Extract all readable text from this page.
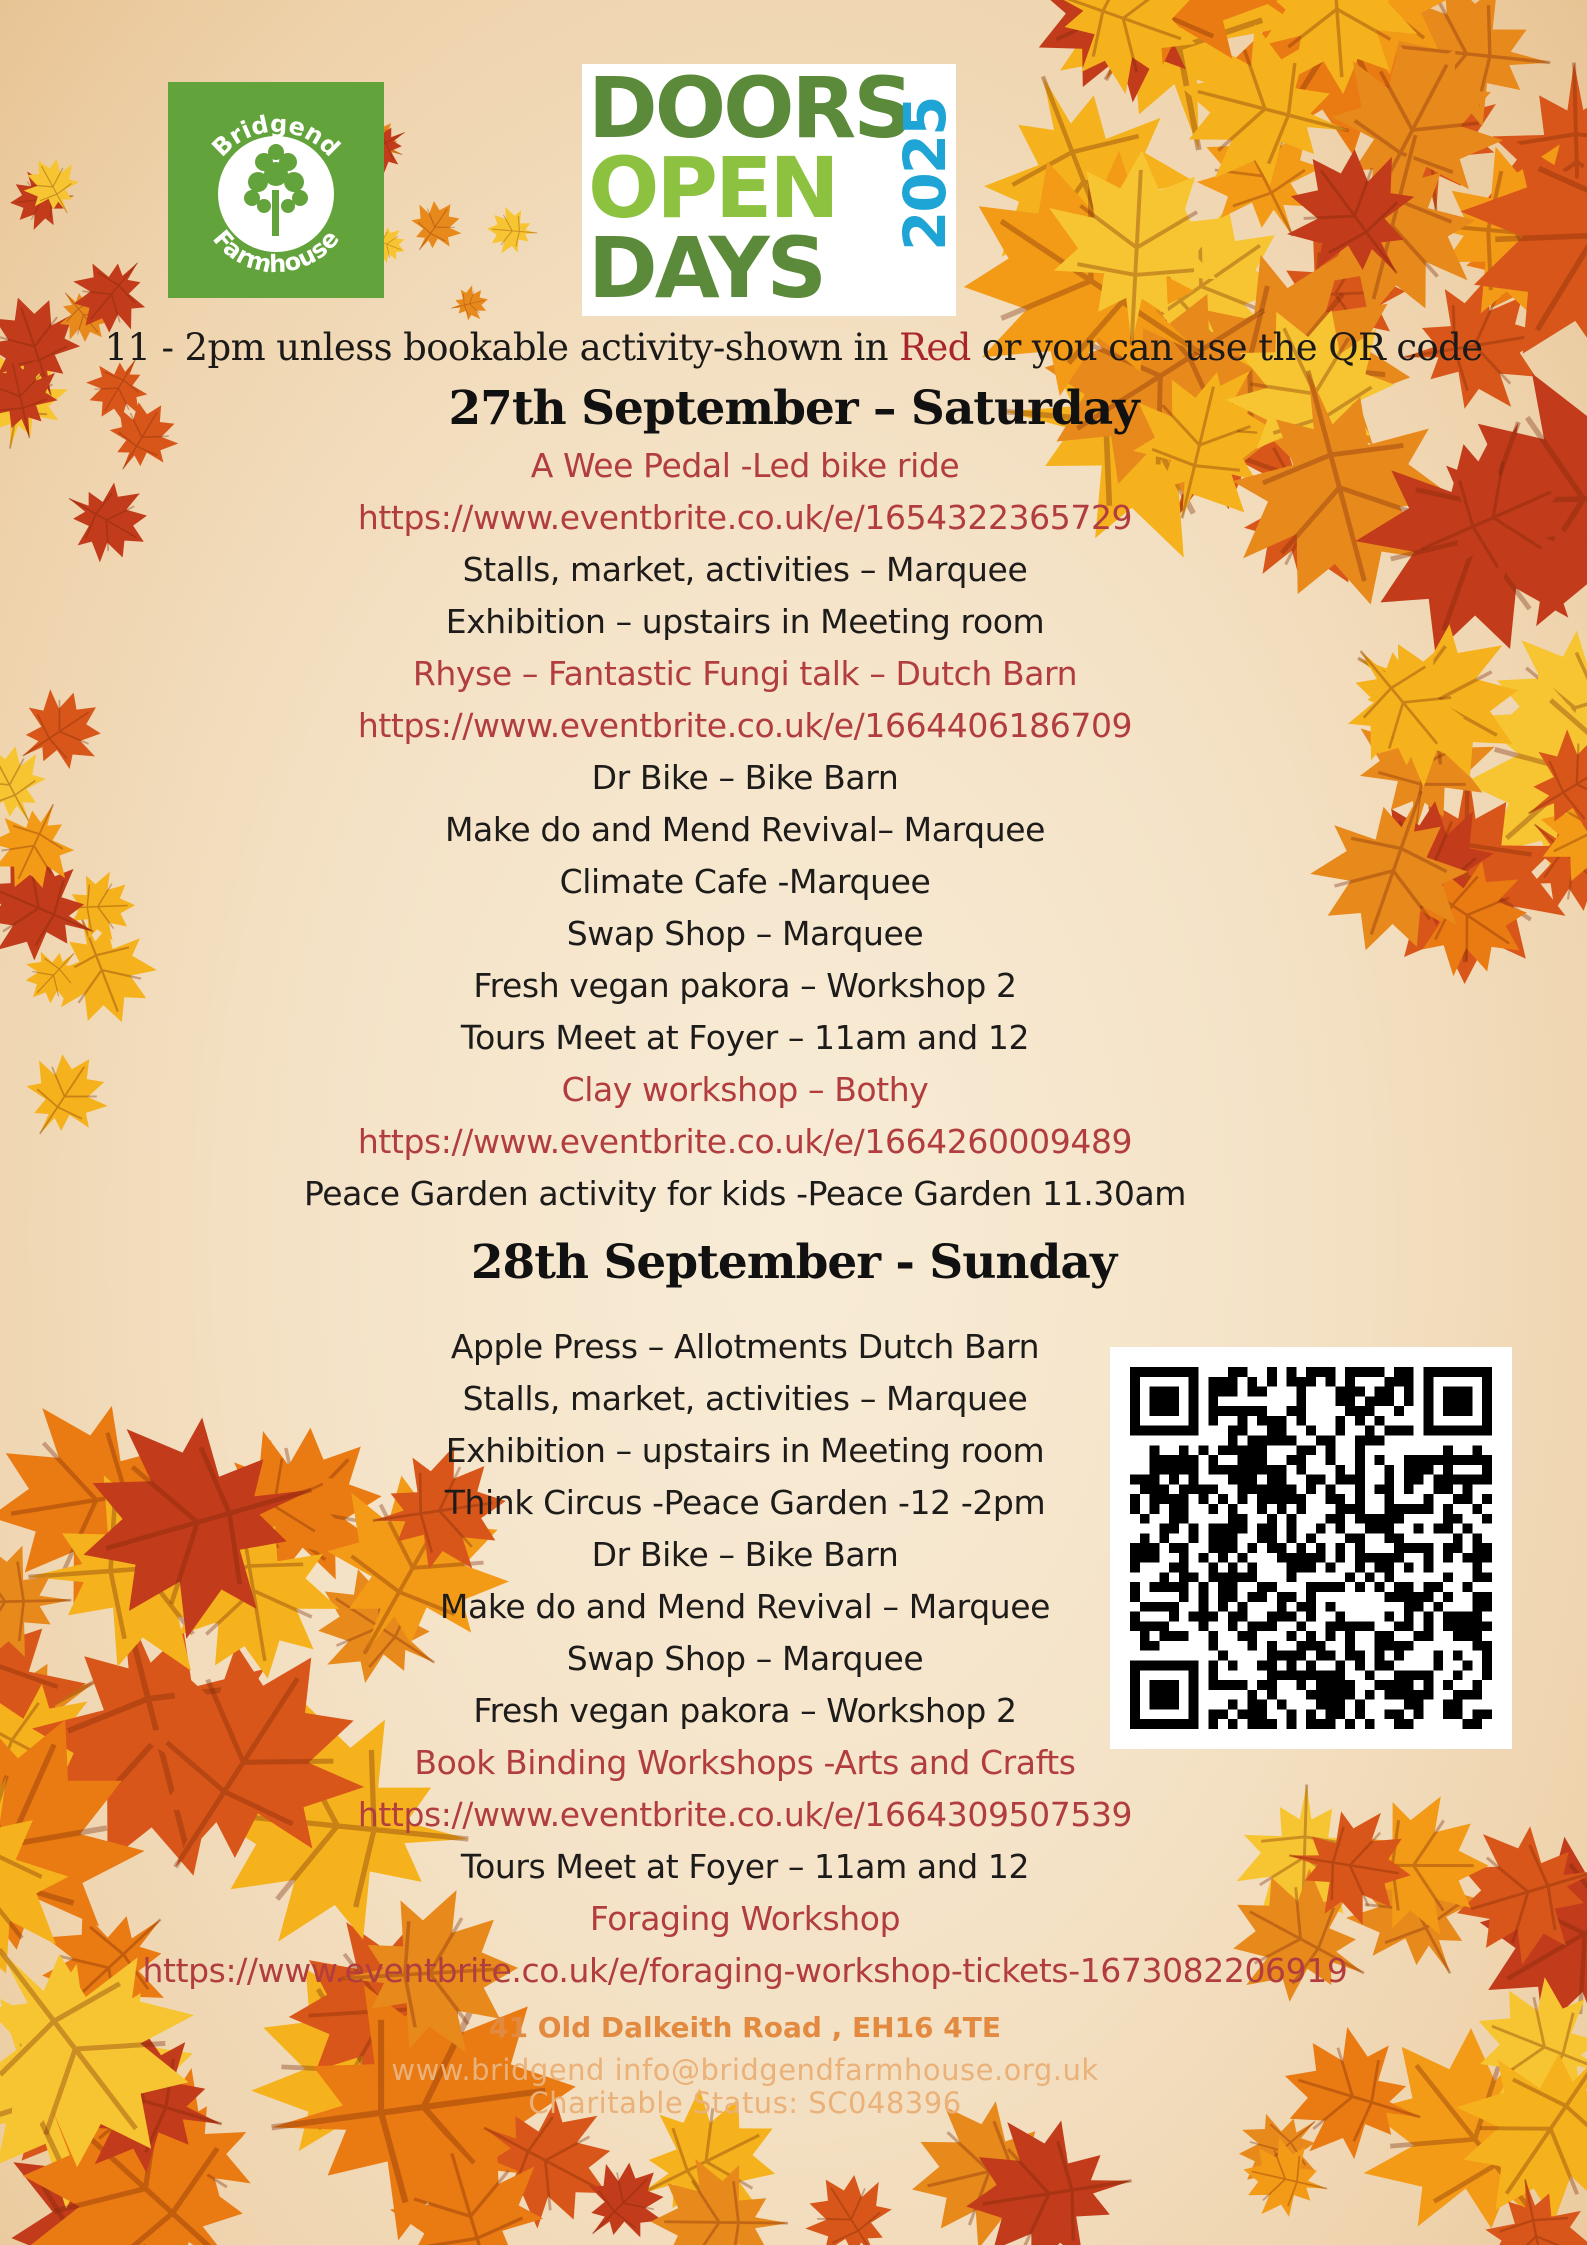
Bridgend
Farmhouse
DOORS
OPEN
DAYS
2025
11 - 2pm unless bookable activity-shown in Red or you can use the QR code
27th September – Saturday
A Wee Pedal -Led bike ride
https://www.eventbrite.co.uk/e/1654322365729
Stalls, market, activities – Marquee
Exhibition – upstairs in Meeting room
Rhyse – Fantastic Fungi talk – Dutch Barn
https://www.eventbrite.co.uk/e/1664406186709
Dr Bike – Bike Barn
Make do and Mend Revival– Marquee
Climate Cafe -Marquee
Swap Shop – Marquee
Fresh vegan pakora – Workshop 2
Tours Meet at Foyer – 11am and 12
Clay workshop – Bothy
https://www.eventbrite.co.uk/e/1664260009489
Peace Garden activity for kids -Peace Garden 11.30am
28th September - Sunday
Apple Press – Allotments Dutch Barn
Stalls, market, activities – Marquee
Exhibition – upstairs in Meeting room
Think Circus -Peace Garden -12 -2pm
Dr Bike – Bike Barn
Make do and Mend Revival – Marquee
Swap Shop – Marquee
Fresh vegan pakora – Workshop 2
Book Binding Workshops -Arts and Crafts
https://www.eventbrite.co.uk/e/1664309507539
Tours Meet at Foyer – 11am and 12
Foraging Workshop
https://www.eventbrite.co.uk/e/foraging-workshop-tickets-1673082206919
41 Old Dalkeith Road , EH16 4TE
www.bridgend info@bridgendfarmhouse.org.uk
Charitable Status: SC048396
